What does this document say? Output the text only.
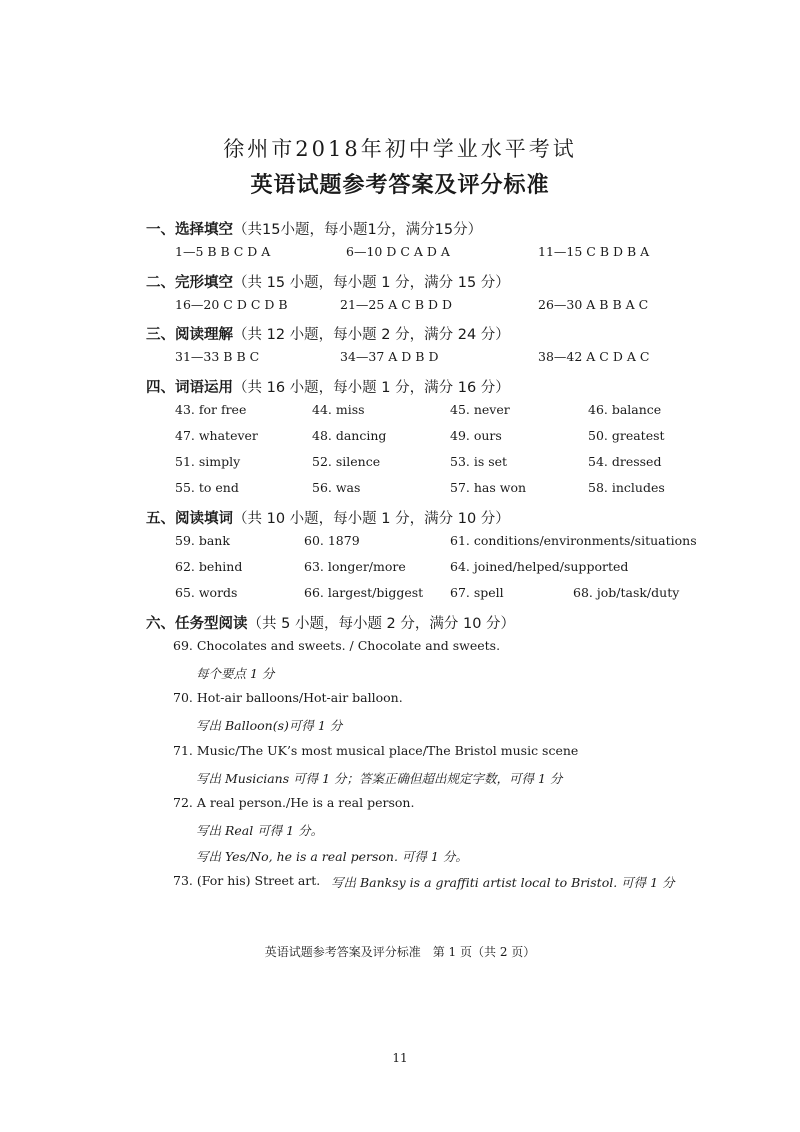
徐州市2018年初中学业水平考试
英语试题参考答案及评分标准
一、选择填空（共15小题，每小题1分，满分15分）
1—5 B B C D A	6—10 D C A D A	11—15 C B D B A
二、完形填空（共 15 小题，每小题 1 分，满分 15 分）
16—20 C D C D B	21—25 A C B D D	26—30 A B B A C
三、阅读理解（共 12 小题，每小题 2 分，满分 24 分）
31—33 B B C	34—37 A D B D	38—42 A C D A C
四、词语运用（共 16 小题，每小题 1 分，满分 16 分）
43. for free	44. miss	45. never	46. balance
47. whatever	48. dancing	49. ours	50. greatest
51. simply	52. silence	53. is set	54. dressed
55. to end	56. was	57. has won	58. includes
五、阅读填词（共 10 小题，每小题 1 分，满分 10 分）
59. bank	60. 1879	61. conditions/environments/situations
62. behind	63. longer/more	64. joined/helped/supported
65. words	66. largest/biggest 67. spell	68. job/task/duty
六、任务型阅读（共 5 小题，每小题 2 分，满分 10 分）
69. Chocolates and sweets. / Chocolate and sweets.
每个要点 1 分
70. Hot-air balloons/Hot-air balloon.
写出 Balloon(s)可得 1 分
71. Music/The UK’s most musical place/The Bristol music scene
写出 Musicians 可得 1 分；答案正确但超出规定字数，可得 1 分
72. A real person./He is a real person.
写出 Real 可得 1 分。
写出 Yes/No, he is a real person. 可得 1 分。
73. (For his) Street art. 写出 Banksy is a graffiti artist local to Bristol. 可得 1 分
英语试题参考答案及评分标准　第 1 页（共 2 页）
11
